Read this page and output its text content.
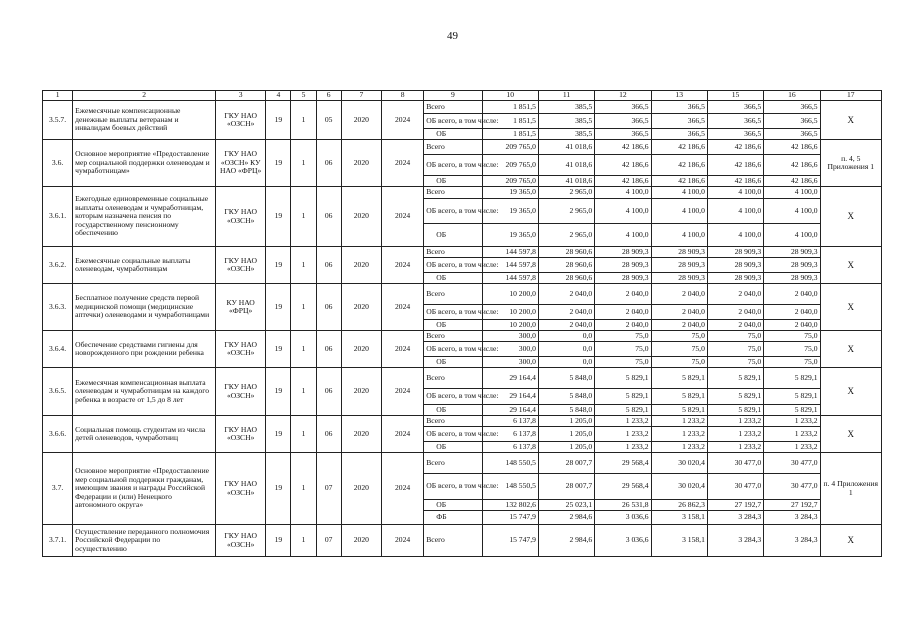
49
1	2	3	4	5	6	7	8	9	10	11	12	13	15	16	17
3.5.7.	Ежемесячные компенсационные денежные выплаты ветеранам и инвалидам боевых действий	ГКУ НАО «ОЗСН»	19	1	05	2020	2024	Всего	1 851,5	385,5	366,5	366,5	366,5	366,5	X
								ОБ всего, в том числе:	1 851,5	385,5	366,5	366,5	366,5	366,5	
								ОБ	1 851,5	385,5	366,5	366,5	366,5	366,5	
3.6.	Основное мероприятие «Предоставление мер социальной поддержки оленеводам и чумработницам»	ГКУ НАО «ОЗСН» КУ НАО «ФРЦ»	19	1	06	2020	2024	Всего	209 765,0	41 018,6	42 186,6	42 186,6	42 186,6	42 186,6	п. 4, 5 Приложения 1
								ОБ всего, в том числе:	209 765,0	41 018,6	42 186,6	42 186,6	42 186,6	42 186,6	
								ОБ	209 765,0	41 018,6	42 186,6	42 186,6	42 186,6	42 186,6	
3.6.1.	Ежегодные единовременные социальные выплаты оленеводам и чумработницам, которым назначена пенсия по государственному пенсионному обеспечению	ГКУ НАО «ОЗСН»	19	1	06	2020	2024	Всего	19 365,0	2 965,0	4 100,0	4 100,0	4 100,0	4 100,0	X
								ОБ всего, в том числе:	19 365,0	2 965,0	4 100,0	4 100,0	4 100,0	4 100,0	
								ОБ	19 365,0	2 965,0	4 100,0	4 100,0	4 100,0	4 100,0	
3.6.2.	Ежемесячные социальные выплаты оленеводам, чумработницам	ГКУ НАО «ОЗСН»	19	1	06	2020	2024	Всего	144 597,8	28 960,6	28 909,3	28 909,3	28 909,3	28 909,3	X
								ОБ всего, в том числе:	144 597,8	28 960,6	28 909,3	28 909,3	28 909,3	28 909,3	
								ОБ	144 597,8	28 960,6	28 909,3	28 909,3	28 909,3	28 909,3	
3.6.3.	Бесплатное получение средств первой медицинской помощи (медицинские аптечки) оленеводами и чумработницами	КУ НАО «ФРЦ»	19	1	06	2020	2024	Всего	10 200,0	2 040,0	2 040,0	2 040,0	2 040,0	2 040,0	X
								ОБ всего, в том числе:	10 200,0	2 040,0	2 040,0	2 040,0	2 040,0	2 040,0	
								ОБ	10 200,0	2 040,0	2 040,0	2 040,0	2 040,0	2 040,0	
3.6.4.	Обеспечение средствами гигиены для новорожденного при рождении ребенка	ГКУ НАО «ОЗСН»	19	1	06	2020	2024	Всего	300,0	0,0	75,0	75,0	75,0	75,0	X
								ОБ всего, в том числе:	300,0	0,0	75,0	75,0	75,0	75,0	
								ОБ	300,0	0,0	75,0	75,0	75,0	75,0	
3.6.5.	Ежемесячная компенсационная выплата оленеводам и чумработницам на каждого ребенка в возрасте от 1,5 до 8 лет	ГКУ НАО «ОЗСН»	19	1	06	2020	2024	Всего	29 164,4	5 848,0	5 829,1	5 829,1	5 829,1	5 829,1	X
								ОБ всего, в том числе:	29 164,4	5 848,0	5 829,1	5 829,1	5 829,1	5 829,1	
								ОБ	29 164,4	5 848,0	5 829,1	5 829,1	5 829,1	5 829,1	
3.6.6.	Социальная помощь студентам из числа детей оленеводов, чумработниц	ГКУ НАО «ОЗСН»	19	1	06	2020	2024	Всего	6 137,8	1 205,0	1 233,2	1 233,2	1 233,2	1 233,2	X
								ОБ всего, в том числе:	6 137,8	1 205,0	1 233,2	1 233,2	1 233,2	1 233,2	
								ОБ	6 137,8	1 205,0	1 233,2	1 233,2	1 233,2	1 233,2	
3.7.	Основное мероприятие «Предоставление мер социальной поддержки гражданам, имеющим звания и награды Российской Федерации и (или) Ненецкого автономного округа»	ГКУ НАО «ОЗСН»	19	1	07	2020	2024	Всего	148 550,5	28 007,7	29 568,4	30 020,4	30 477,0	30 477,0	п. 4 Приложения 1
								ОБ всего, в том числе:	148 550,5	28 007,7	29 568,4	30 020,4	30 477,0	30 477,0	
								ОБ	132 802,6	25 023,1	26 531,8	26 862,3	27 192,7	27 192,7	
								ФБ	15 747,9	2 984,6	3 036,6	3 158,1	3 284,3	3 284,3	
3.7.1.	Осуществление переданного полномочия Российской Федерации по осуществлению	ГКУ НАО «ОЗСН»	19	1	07	2020	2024	Всего	15 747,9	2 984,6	3 036,6	3 158,1	3 284,3	3 284,3	X
